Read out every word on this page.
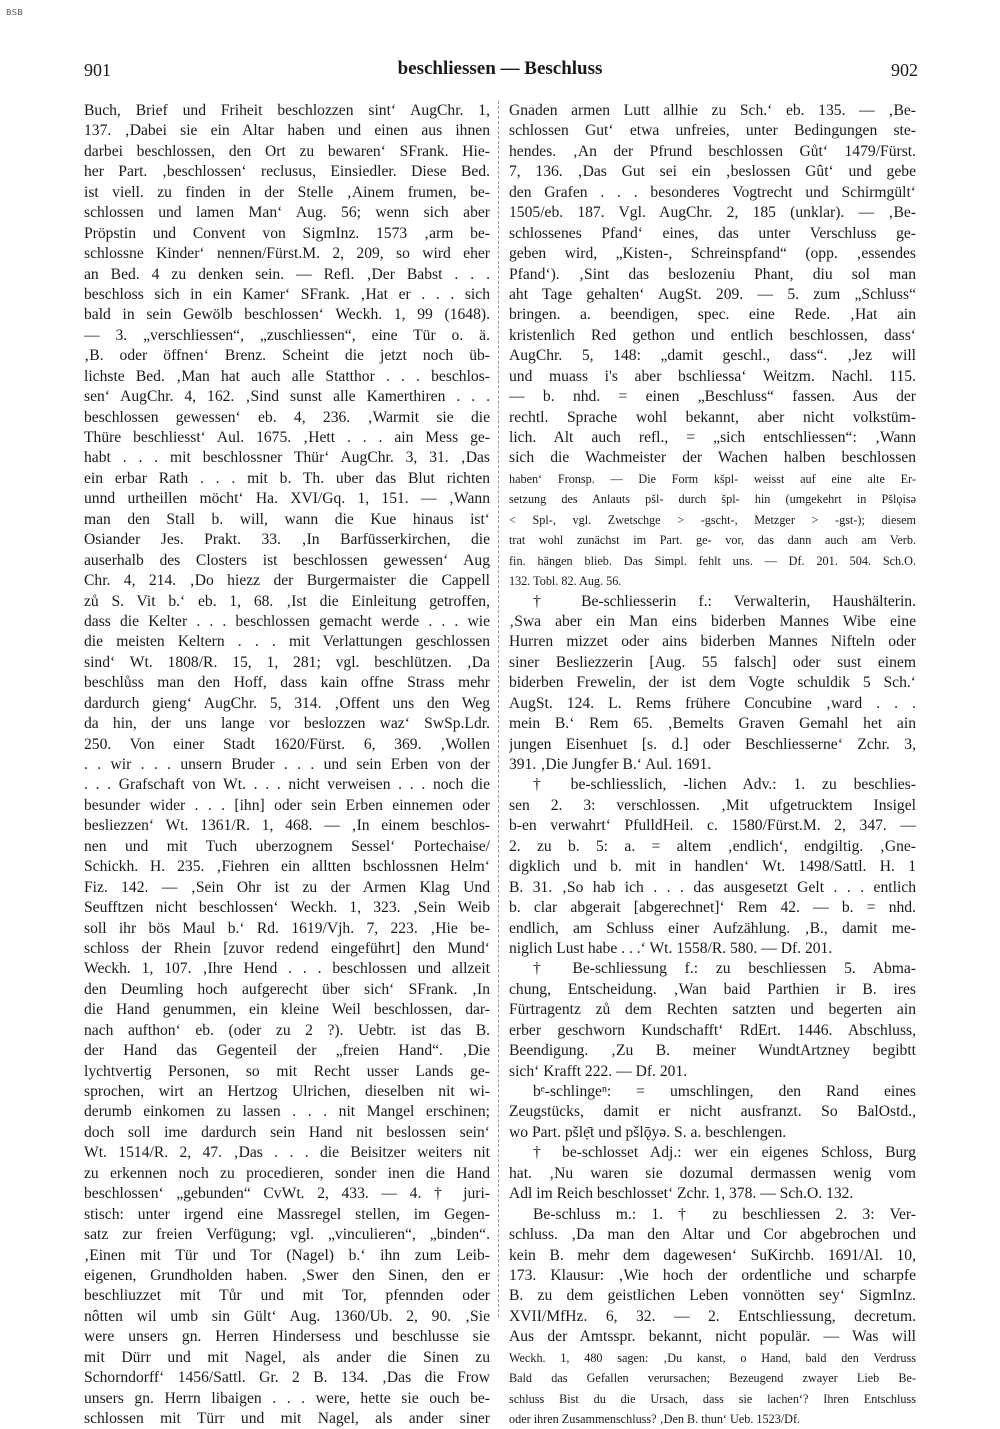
BSB
901	beschliessen — Beschluss	902
Buch, Brief und Friheit beschlozzen sint‘ AugChr. 1,
137. ‚Dabei sie ein Altar haben und einen aus ihnen
darbei beschlossen, den Ort zu bewaren‘ SFrank. Hie-
her Part. ‚beschlossen‘ reclusus, Einsiedler. Diese Bed.
ist viell. zu finden in der Stelle ‚Ainem frumen, be-
schlossen und lamen Man‘ Aug. 56; wenn sich aber
Pröpstin und Convent von SigmInz. 1573 ‚arm be-
schlossne Kinder‘ nennen/Fürst.M. 2, 209, so wird eher
an Bed. 4 zu denken sein. — Refl. ‚Der Babst . . .
beschloss sich in ein Kamer‘ SFrank. ‚Hat er . . . sich
bald in sein Gewölb beschlossen‘ Weckh. 1, 99 (1648).
— 3. „verschliessen“, „zuschliessen“, eine Tür o. ä.
‚B. oder öffnen‘ Brenz. Scheint die jetzt noch üb-
lichste Bed. ‚Man hat auch alle Statthor . . . beschlos-
sen‘ AugChr. 4, 162. ‚Sind sunst alle Kamerthiren . . .
beschlossen gewessen‘ eb. 4, 236. ‚Warmit sie die
Thüre beschliesst‘ Aul. 1675. ‚Hett . . . ain Mess ge-
habt . . . mit beschlossner Thür‘ AugChr. 3, 31. ‚Das
ein erbar Rath . . . mit b. Th. uber das Blut richten
unnd urtheillen möcht‘ Ha. XVI/Gq. 1, 151. — ‚Wann
man den Stall b. will, wann die Kue hinaus ist‘
Osiander Jes. Prakt. 33. ‚In Barfüsserkirchen, die
auserhalb des Closters ist beschlossen gewessen‘ Aug
Chr. 4, 214. ‚Do hiezz der Burgermaister die Cappell
zů S. Vit b.‘ eb. 1, 68. ‚Ist die Einleitung getroffen,
dass die Kelter . . . beschlossen gemacht werde . . . wie
die meisten Keltern . . . mit Verlattungen geschlossen
sind‘ Wt. 1808/R. 15, 1, 281; vgl. beschlützen. ‚Da
beschlůss man den Hoff, dass kain offne Strass mehr
dardurch gieng‘ AugChr. 5, 314. ‚Offent uns den Weg
da hin, der uns lange vor beslozzen waz‘ SwSp.Ldr.
250. Von einer Stadt 1620/Fürst. 6, 369. ‚Wollen
. . wir . . . unsern Bruder . . . und sein Erben von der
. . . Grafschaft von Wt. . . . nicht verweisen . . . noch die
besunder wider . . . [ihn] oder sein Erben einnemen oder
besliezzen‘ Wt. 1361/R. 1, 468. — ‚In einem beschlos-
nen und mit Tuch uberzognem Sessel‘ Portechaise/
Schickh. H. 235. ‚Fiehren ein alltten bschlossnen Helm‘
Fiz. 142. — ‚Sein Ohr ist zu der Armen Klag Und
Seufftzen nicht beschlossen‘ Weckh. 1, 323. ‚Sein Weib
soll ihr bös Maul b.‘ Rd. 1619/Vjh. 7, 223. ‚Hie be-
schloss der Rhein [zuvor redend eingeführt] den Mund‘
Weckh. 1, 107. ‚Ihre Hend . . . beschlossen und allzeit
den Deumling hoch aufgerecht über sich‘ SFrank. ‚In
die Hand genummen, ein kleine Weil beschlossen, dar-
nach aufthon‘ eb. (oder zu 2 ?). Uebtr. ist das B.
der Hand das Gegenteil der „freien Hand“. ‚Die
lychtvertig Personen, so mit Recht usser Lands ge-
sprochen, wirt an Hertzog Ulrichen, dieselben nit wi-
derumb einkomen zu lassen . . . nit Mangel erschinen;
doch soll ime dardurch sein Hand nit beslossen sein‘
Wt. 1514/R. 2, 47. ‚Das . . . die Beisitzer weiters nit
zu erkennen noch zu procedieren, sonder inen die Hand
beschlossen‘ „gebunden“ CvWt. 2, 433. — 4. † juri-
stisch: unter irgend eine Massregel stellen, im Gegen-
satz zur freien Verfügung; vgl. „vinculieren“, „binden“.
‚Einen mit Tür und Tor (Nagel) b.‘ ihn zum Leib-
eigenen, Grundholden haben. ‚Swer den Sinen, den er
beschliuzzet mit Tůr und mit Tor, pfennden oder
nôtten wil umb sin Gült‘ Aug. 1360/Ub. 2, 90. ‚Sie
were unsers gn. Herren Hindersess und beschlusse sie
mit Dürr und mit Nagel, als ander die Sinen zu
Schorndorff‘ 1456/Sattl. Gr. 2 B. 134. ‚Das die Frow
unsers gn. Herrn libaigen . . . were, hette sie ouch be-
schlossen mit Türr und mit Nagel, als ander siner
Gnaden armen Lutt allhie zu Sch.‘ eb. 135. — ‚Be-
schlossen Gut‘ etwa unfreies, unter Bedingungen ste-
hendes. ‚An der Pfrund beschlossen Gůt‘ 1479/Fürst.
7, 136. ‚Das Gut sei ein ‚beslossen Gût‘ und gebe
den Grafen . . . besonderes Vogtrecht und Schirmgült‘
1505/eb. 187. Vgl. AugChr. 2, 185 (unklar). — ‚Be-
schlossenes Pfand‘ eines, das unter Verschluss ge-
geben wird, „Kisten-, Schreinspfand“ (opp. ‚essendes
Pfand‘). ‚Sint das beslozeniu Phant, diu sol man
aht Tage gehalten‘ AugSt. 209. — 5. zum „Schluss“
bringen. a. beendigen, spec. eine Rede. ‚Hat ain
kristenlich Red gethon und entlich beschlossen, dass‘
AugChr. 5, 148: „damit geschl., dass“. ‚Jez will
und muass i's aber bschliessa‘ Weitzm. Nachl. 115.
— b. nhd. = einen „Beschluss“ fassen. Aus der
rechtl. Sprache wohl bekannt, aber nicht volkstüm-
lich. Alt auch refl., = „sich entschliessen“: ‚Wann
sich die Wachmeister der Wachen halben beschlossen
haben‘ Fronsp. — Die Form kšpl- weisst auf eine alte Er-
setzung des Anlauts pšl- durch špl- hin (umgekehrt in Pšlǫisə
< Spl-, vgl. Zwetschge > -gscht-, Metzger > -gst-); diesem
trat wohl zunächst im Part. ge- vor, das dann auch am Verb.
fin. hängen blieb. Das Simpl. fehlt uns. — Df. 201. 504. Sch.O.
132. Tobl. 82. Aug. 56.
† Be-schliesserin f.: Verwalterin, Haushälterin.
‚Swa aber ein Man eins biderben Mannes Wibe eine
Hurren mizzet oder ains biderben Mannes Nifteln oder
siner Besliezzerin [Aug. 55 falsch] oder sust einem
biderben Frewelin, der ist dem Vogte schuldik 5 Sch.‘
AugSt. 124. L. Rems frühere Concubine ‚ward . . .
mein B.‘ Rem 65. ‚Bemelts Graven Gemahl het ain
jungen Eisenhuet [s. d.] oder Beschliesserne‘ Zchr. 3,
391. ‚Die Jungfer B.‘ Aul. 1691.
† be-schliesslich, -lichen Adv.: 1. zu beschlies-
sen 2. 3: verschlossen. ‚Mit ufgetrucktem Insigel
b-en verwahrt‘ PfulldHeil. c. 1580/Fürst.M. 2, 347. —
2. zu b. 5: a. = altem ‚endlich‘, endgiltig. ‚Gne-
digklich und b. mit in handlen‘ Wt. 1498/Sattl. H. 1
B. 31. ‚So hab ich . . . das ausgesetzt Gelt . . . entlich
b. clar abgerait [abgerechnet]‘ Rem 42. — b. = nhd.
endlich, am Schluss einer Aufzählung. ‚B., damit me-
niglich Lust habe . . .‘ Wt. 1558/R. 580. — Df. 201.
† Be-schliessung f.: zu beschliessen 5. Abma-
chung, Entscheidung. ‚Wan baid Parthien ir B. ires
Fürtragentz zů dem Rechten satzten und begerten ain
erber geschworn Kundschafft‘ RdErt. 1446. Abschluss,
Beendigung. ‚Zu B. meiner WundtArtzney begibtt
sich‘ Krafft 222. — Df. 201.
bᵉ-schlingeⁿ: = umschlingen, den Rand eines
Zeugstücks, damit er nicht ausfranzt. So BalOstd.,
wo Part. pšlẹ̄t und pšlǭyə. S. a. beschlengen.
† be-schlosset Adj.: wer ein eigenes Schloss, Burg
hat. ‚Nu waren sie dozumal dermassen wenig vom
Adl im Reich beschlosset‘ Zchr. 1, 378. — Sch.O. 132.
Be-schluss m.: 1. † zu beschliessen 2. 3: Ver-
schluss. ‚Da man den Altar und Cor abgebrochen und
kein B. mehr dem dagewesen‘ SuKirchb. 1691/Al. 10,
173. Klausur: ‚Wie hoch der ordentliche und scharpfe
B. zu dem geistlichen Leben vonnötten sey‘ SigmInz.
XVII/MfHz. 6, 32. — 2. Entschliessung, decretum.
Aus der Amtsspr. bekannt, nicht populär. — Was will
Weckh. 1, 480 sagen: ‚Du kanst, o Hand, bald den Verdruss
Bald das Gefallen verursachen; Bezeugend zwayer Lieb Be-
schluss Bist du die Ursach, dass sie lachen‘? Ihren Entschluss
oder ihren Zusammenschluss? ‚Den B. thun‘ Ueb. 1523/Df.
